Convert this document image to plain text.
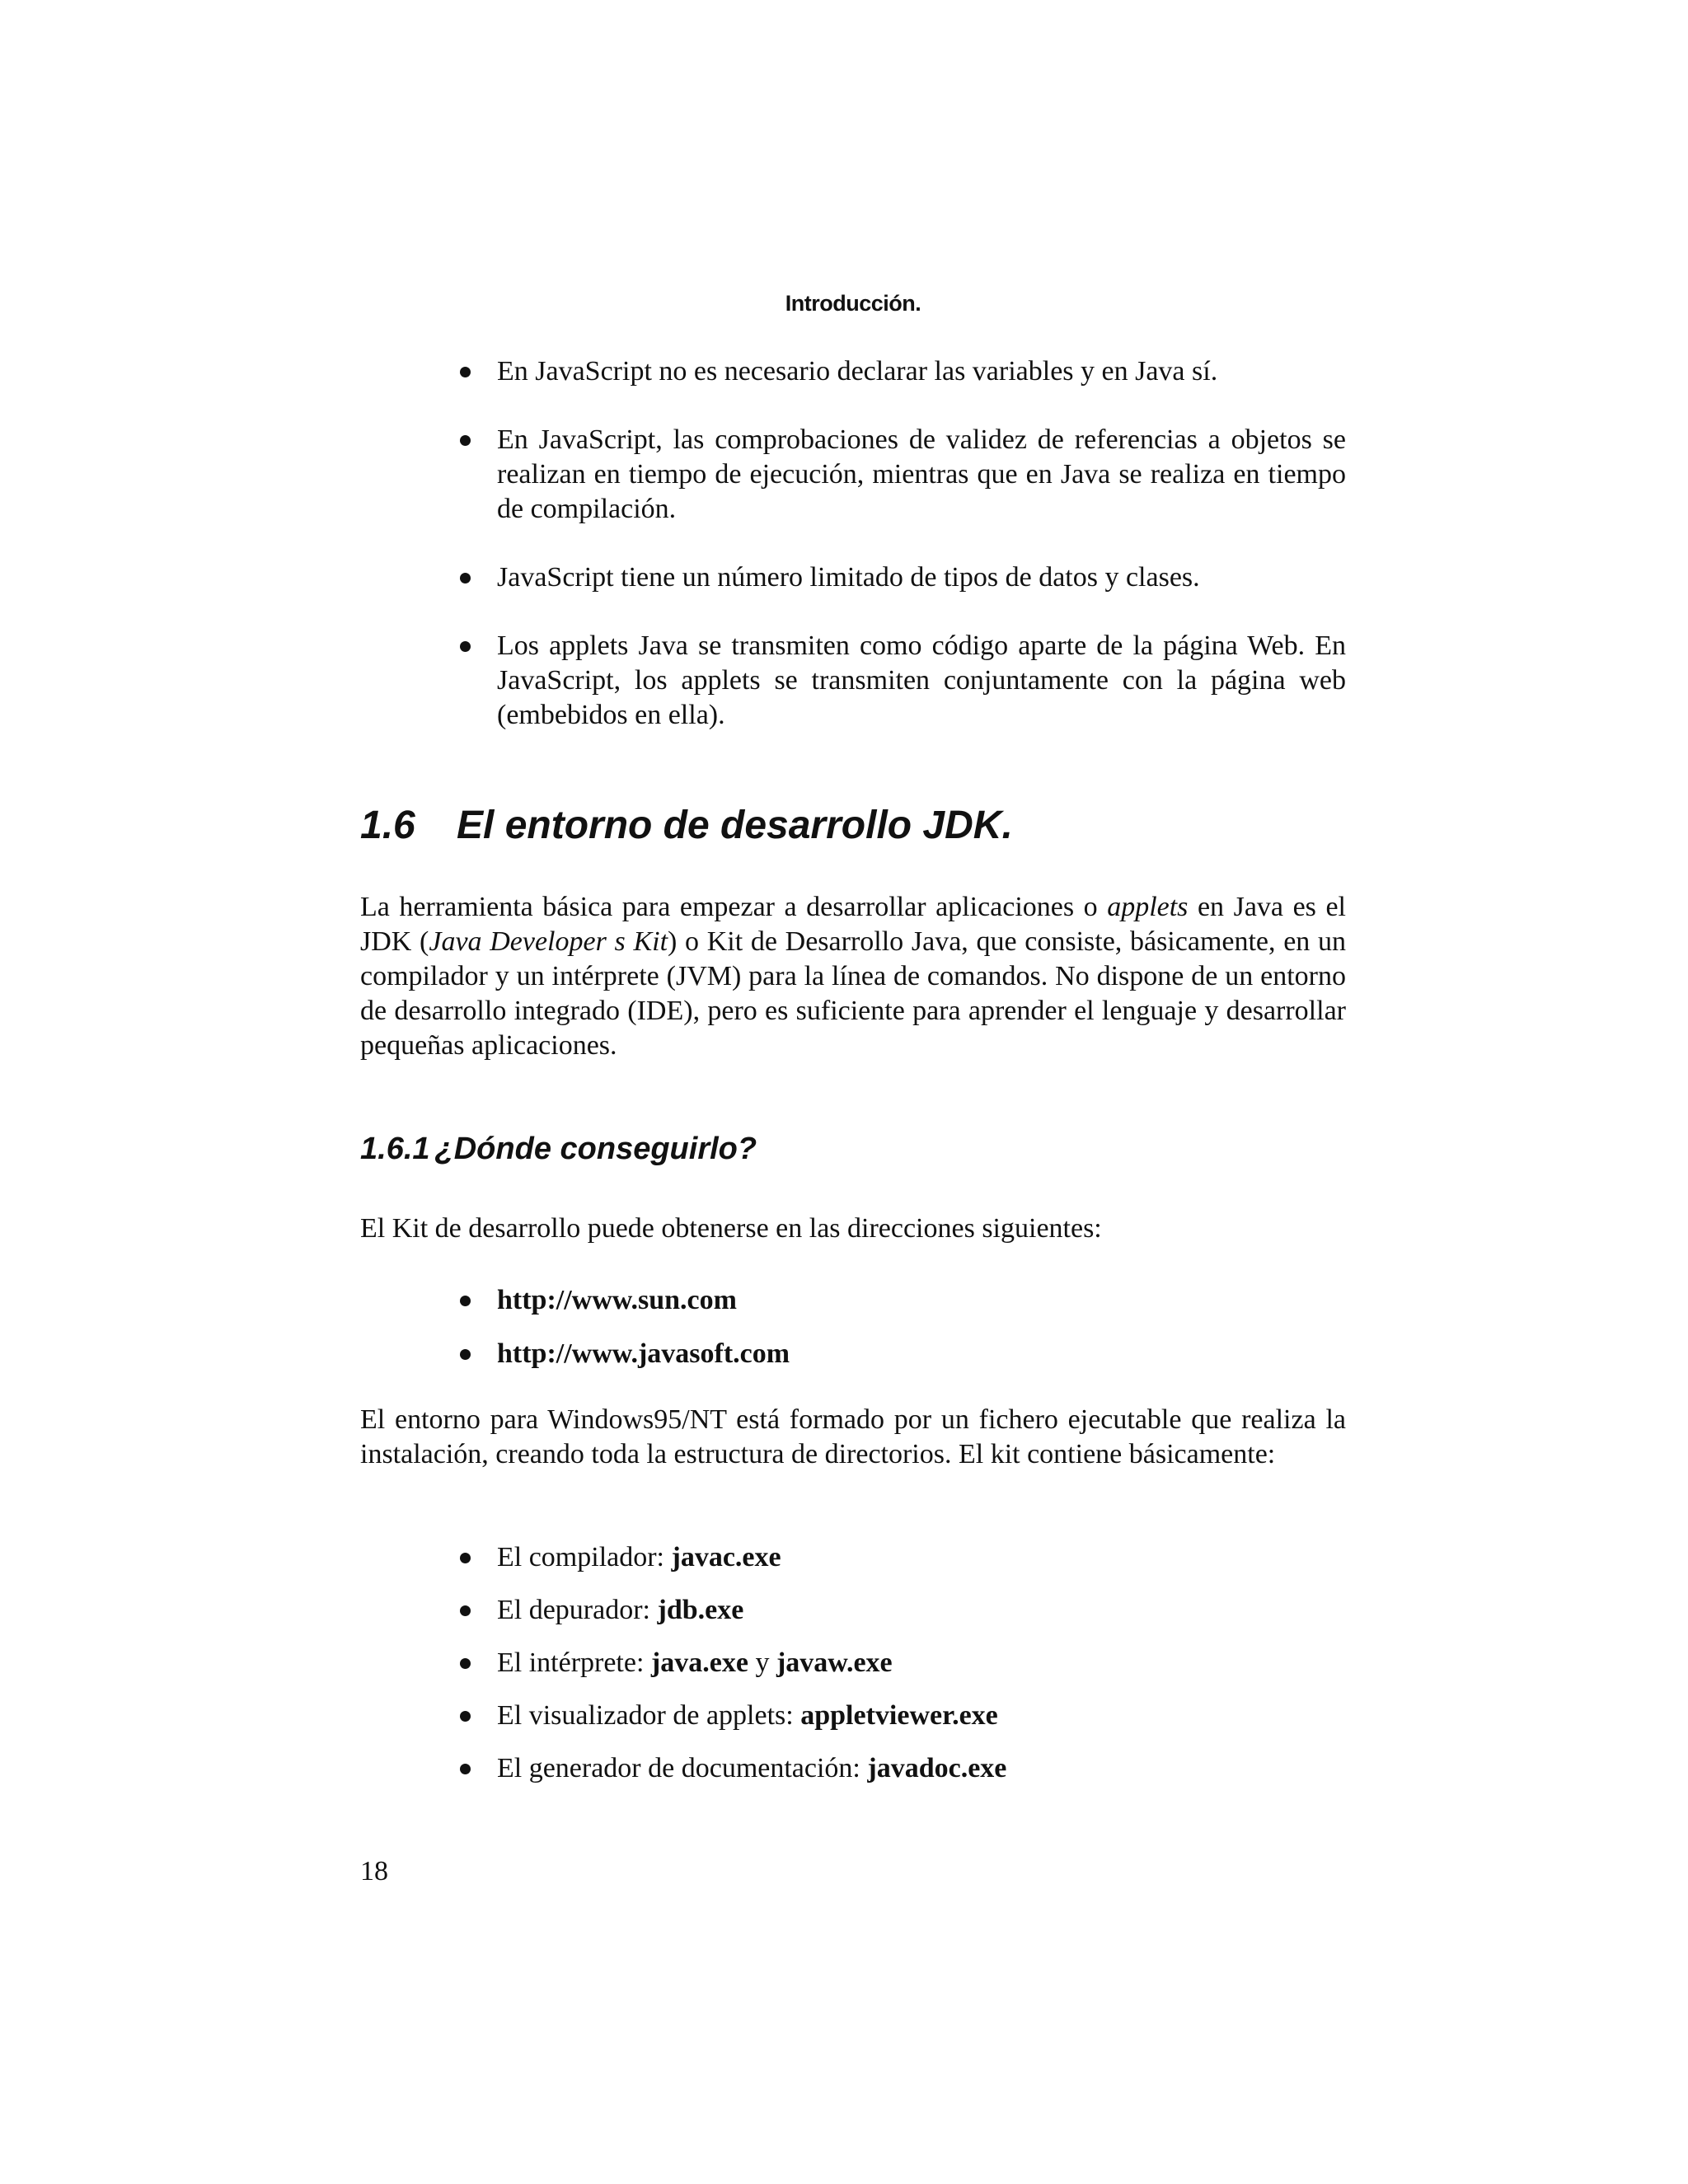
Introducción.
En JavaScript no es necesario declarar las variables y en Java sí.
En JavaScript, las comprobaciones de validez de referencias a objetos se realizan en tiempo de ejecución, mientras que en Java se realiza en tiempo de compilación.
JavaScript tiene un número limitado de tipos de datos y clases.
Los applets Java se transmiten como código aparte de la página Web. En JavaScript, los applets se transmiten conjuntamente con la página web (embebidos en ella).
1.6 El entorno de desarrollo JDK.
La herramienta básica para empezar a desarrollar aplicaciones o applets en Java es el JDK (Java Developer s Kit) o Kit de Desarrollo Java, que consiste, básicamente, en un compilador y un intérprete (JVM) para la línea de comandos. No dispone de un entorno de desarrollo integrado (IDE), pero es suficiente para aprender el lenguaje y desarrollar pequeñas aplicaciones.
1.6.1 ¿Dónde conseguirlo?
El Kit de desarrollo puede obtenerse en las direcciones siguientes:
http://www.sun.com
http://www.javasoft.com
El entorno para Windows95/NT está formado por un fichero ejecutable que realiza la instalación, creando toda la estructura de directorios. El kit contiene básicamente:
El compilador: javac.exe
El depurador: jdb.exe
El intérprete: java.exe y javaw.exe
El visualizador de applets: appletviewer.exe
El generador de documentación: javadoc.exe
18
